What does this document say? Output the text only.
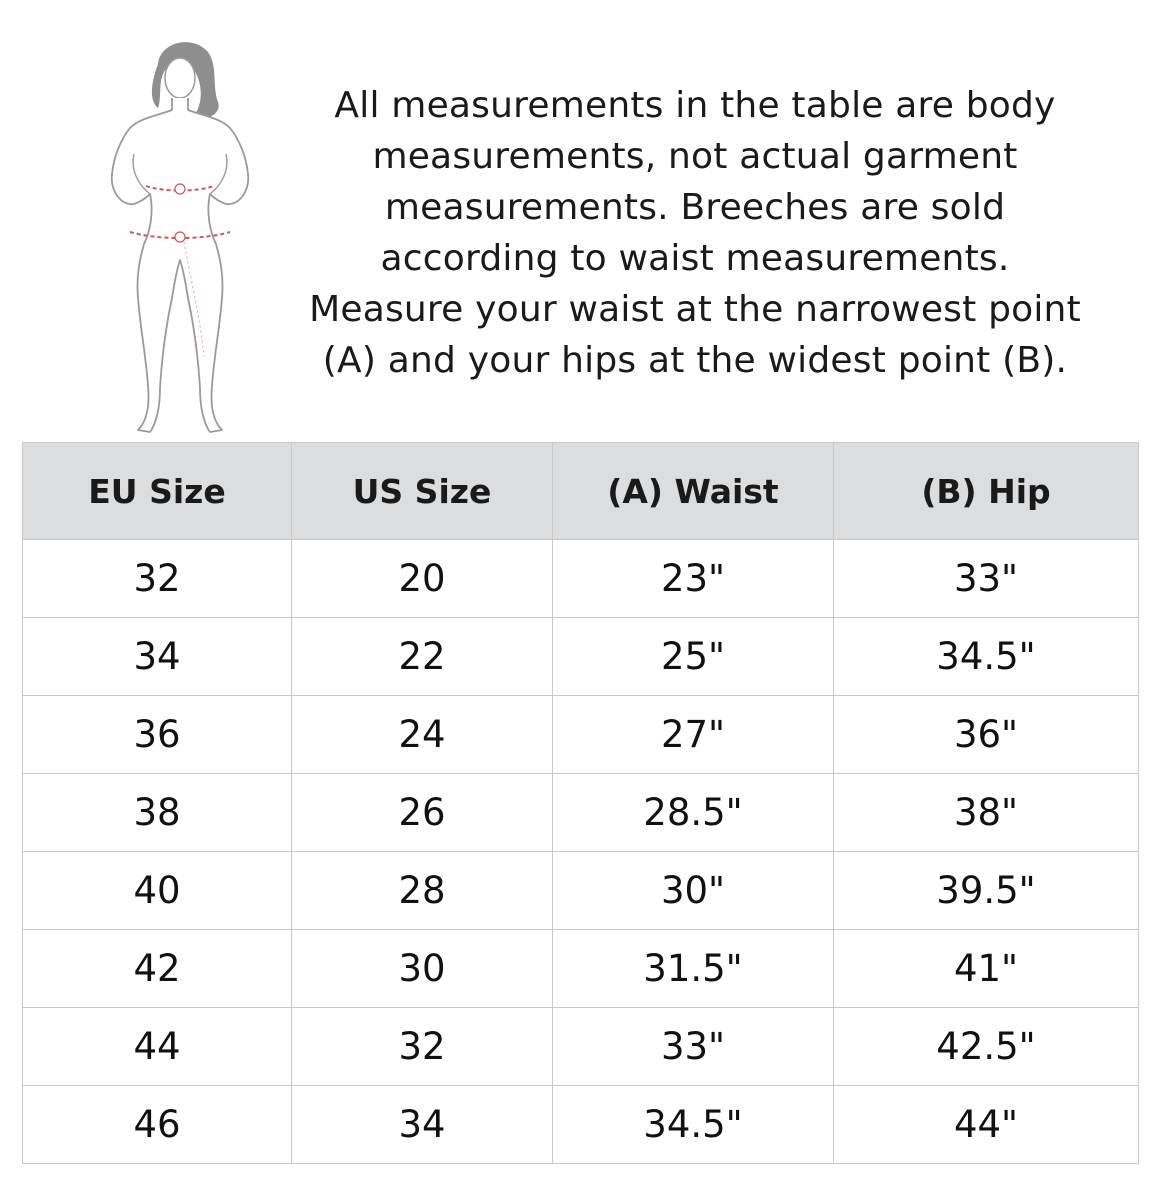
All measurements in the table are body
measurements, not actual garment
measurements. Breeches are sold
according to waist measurements.
Measure your waist at the narrowest point
(A) and your hips at the widest point (B).
EU Size	US Size	(A) Waist	(B) Hip
32	20	23"	33"
34	22	25"	34.5"
36	24	27"	36"
38	26	28.5"	38"
40	28	30"	39.5"
42	30	31.5"	41"
44	32	33"	42.5"
46	34	34.5"	44"
